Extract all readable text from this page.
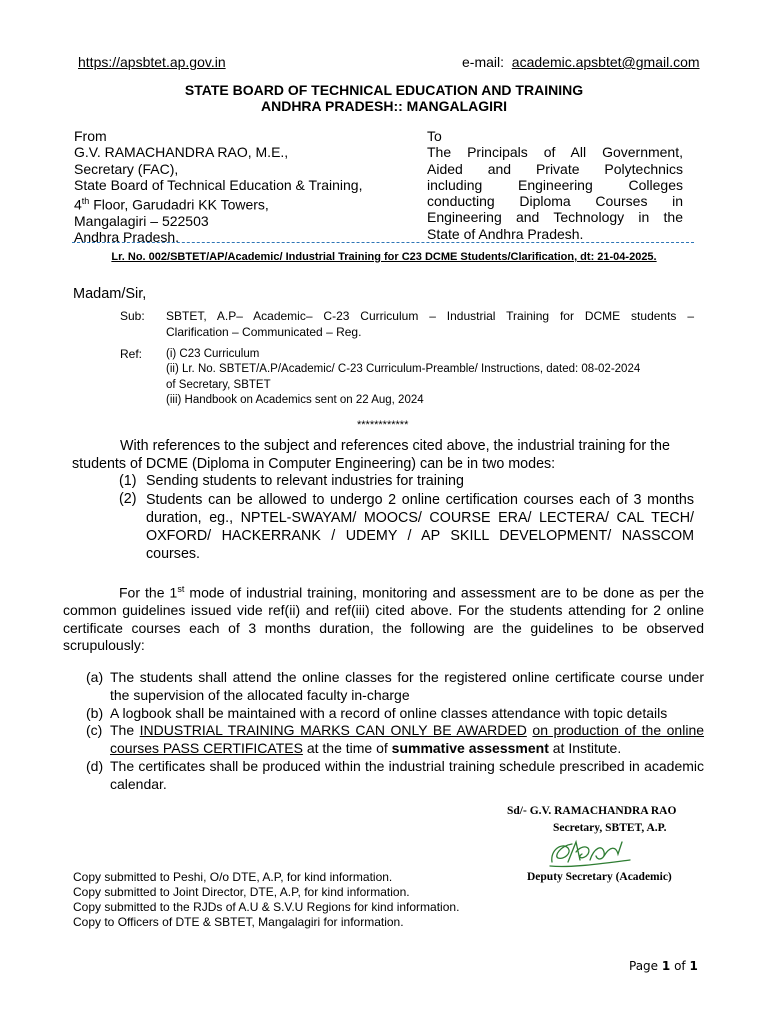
https://apsbtet.ap.gov.in	e-mail: academic.apsbtet@gmail.com
STATE BOARD OF TECHNICAL EDUCATION AND TRAINING
ANDHRA PRADESH:: MANGALAGIRI
From
G.V. RAMACHANDRA RAO, M.E.,
Secretary (FAC),
State Board of Technical Education & Training,
4th Floor, Garudadri KK Towers,
Mangalagiri – 522503
Andhra Pradesh.
To
The Principals of All Government,
Aided and Private Polytechnics
including Engineering Colleges
conducting Diploma Courses in
Engineering and Technology in the
State of Andhra Pradesh.
Lr. No. 002/SBTET/AP/Academic/ Industrial Training for C23 DCME Students/Clarification, dt: 21-04-2025.
Madam/Sir,
Sub: SBTET, A.P– Academic– C-23 Curriculum – Industrial Training for DCME students –
Clarification – Communicated – Reg.
Ref: (i) C23 Curriculum
(ii) Lr. No. SBTET/A.P/Academic/ C-23 Curriculum-Preamble/ Instructions, dated: 08-02-2024
of Secretary, SBTET
(iii) Handbook on Academics sent on 22 Aug, 2024
************
With references to the subject and references cited above, the industrial training for the
students of DCME (Diploma in Computer Engineering) can be in two modes:
(1) Sending students to relevant industries for training
(2) Students can be allowed to undergo 2 online certification courses each of 3 months
duration, eg., NPTEL-SWAYAM/ MOOCS/ COURSE ERA/ LECTERA/ CAL TECH/
OXFORD/ HACKERRANK / UDEMY / AP SKILL DEVELOPMENT/ NASSCOM
courses.
For the 1st mode of industrial training, monitoring and assessment are to be done as per the
common guidelines issued vide ref(ii) and ref(iii) cited above. For the students attending for 2 online
certificate courses each of 3 months duration, the following are the guidelines to be observed
scrupulously:
(a) The students shall attend the online classes for the registered online certificate course under
the supervision of the allocated faculty in-charge
(b) A logbook shall be maintained with a record of online classes attendance with topic details
(c) The INDUSTRIAL TRAINING MARKS CAN ONLY BE AWARDED on production of the online
courses PASS CERTIFICATES at the time of summative assessment at Institute.
(d) The certificates shall be produced within the industrial training schedule prescribed in academic
calendar.
Sd/- G.V. RAMACHANDRA RAO
Secretary, SBTET, A.P.
Deputy Secretary (Academic)
Copy submitted to Peshi, O/o DTE, A.P, for kind information.
Copy submitted to Joint Director, DTE, A.P, for kind information.
Copy submitted to the RJDs of A.U & S.V.U Regions for kind information.
Copy to Officers of DTE & SBTET, Mangalagiri for information.
Page 1 of 1
